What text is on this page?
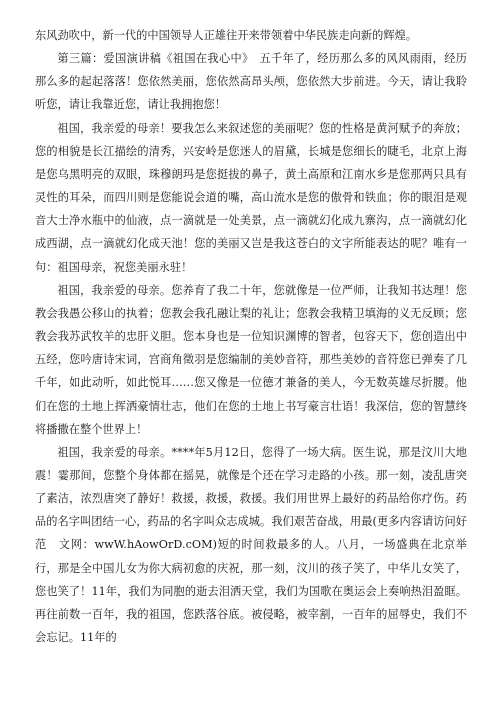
东风劲吹中，新一代的中国领导人正雄往开来带领着中华民族走向新的辉煌。

第三篇：爱国演讲稿《祖国在我心中》　五千年了，经历那么多的风风雨雨，经历那么多的起起落落！您依然美丽，您依然高昂头颅，您依然大步前进。今天，请让我聆听您，请让我靠近您，请让我拥抱您！

祖国，我亲爱的母亲！要我怎么来叙述您的美丽呢？您的性格是黄河赋予的奔放；您的相貌是长江描绘的清秀，兴安岭是您迷人的眉黛，长城是您细长的睫毛，北京上海是您乌黑明亮的双眼，珠穆朗玛是您挺拔的鼻子，黄土高原和江南水乡是您那两只具有灵性的耳朵，而四川则是您能说会道的嘴，高山流水是您的傲骨和铁血；你的眼泪是观音大士净水瓶中的仙液，点一滴就是一处美景，点一滴就幻化成九寨沟，点一滴就幻化成西湖，点一滴就幻化成天池！您的美丽又岂是我这苍白的文字所能表达的呢？唯有一句：祖国母亲，祝您美丽永驻！

祖国，我亲爱的母亲。您养育了我二十年，您就像是一位严师，让我知书达理！您教会我愚公移山的执着；您教会我孔融让梨的礼让；您教会我精卫填海的义无反顾；您教会我苏武牧羊的忠肝义胆。您本身也是一位知识渊博的智者，包容天下，您创造出中五经，您吟唐诗宋词，宫商角徵羽是您编制的美妙音符，那些美妙的音符您已弹奏了几千年，如此动听，如此悦耳……您又像是一位德才兼备的美人，今无数英雄尽折腰。他们在您的土地上挥洒豪情壮志，他们在您的土地上书写豪言壮语！我深信，您的智慧终将播撒在整个世界上！

祖国，我亲爱的母亲。****年5月12日，您得了一场大病。医生说，那是汶川大地震！霎那间，您整个身体都在摇晃，就像是个还在学习走路的小孩。那一刻，凌乱唐突了素洁，浓烈唐突了静好！救援，救援，救援。我们用世界上最好的药品给你疗伤。药品的名字叫团结一心，药品的名字叫众志成城。我们艰苦奋战，用最(更多内容请访问好范　文网：wwW.hAowOrD.cOM)短的时间救最多的人。八月，一场盛典在北京举行，那是全中国儿女为你大病初愈的庆祝，那一刻，汶川的孩子笑了，中华儿女笑了，您也笑了！11年，我们为同胞的逝去泪洒天堂，我们为国歌在奥运会上奏响热泪盈眶。再往前数一百年，我的祖国，您跌落谷底。被侵略，被宰割，一百年的屈辱史，我们不会忘记。11年的
